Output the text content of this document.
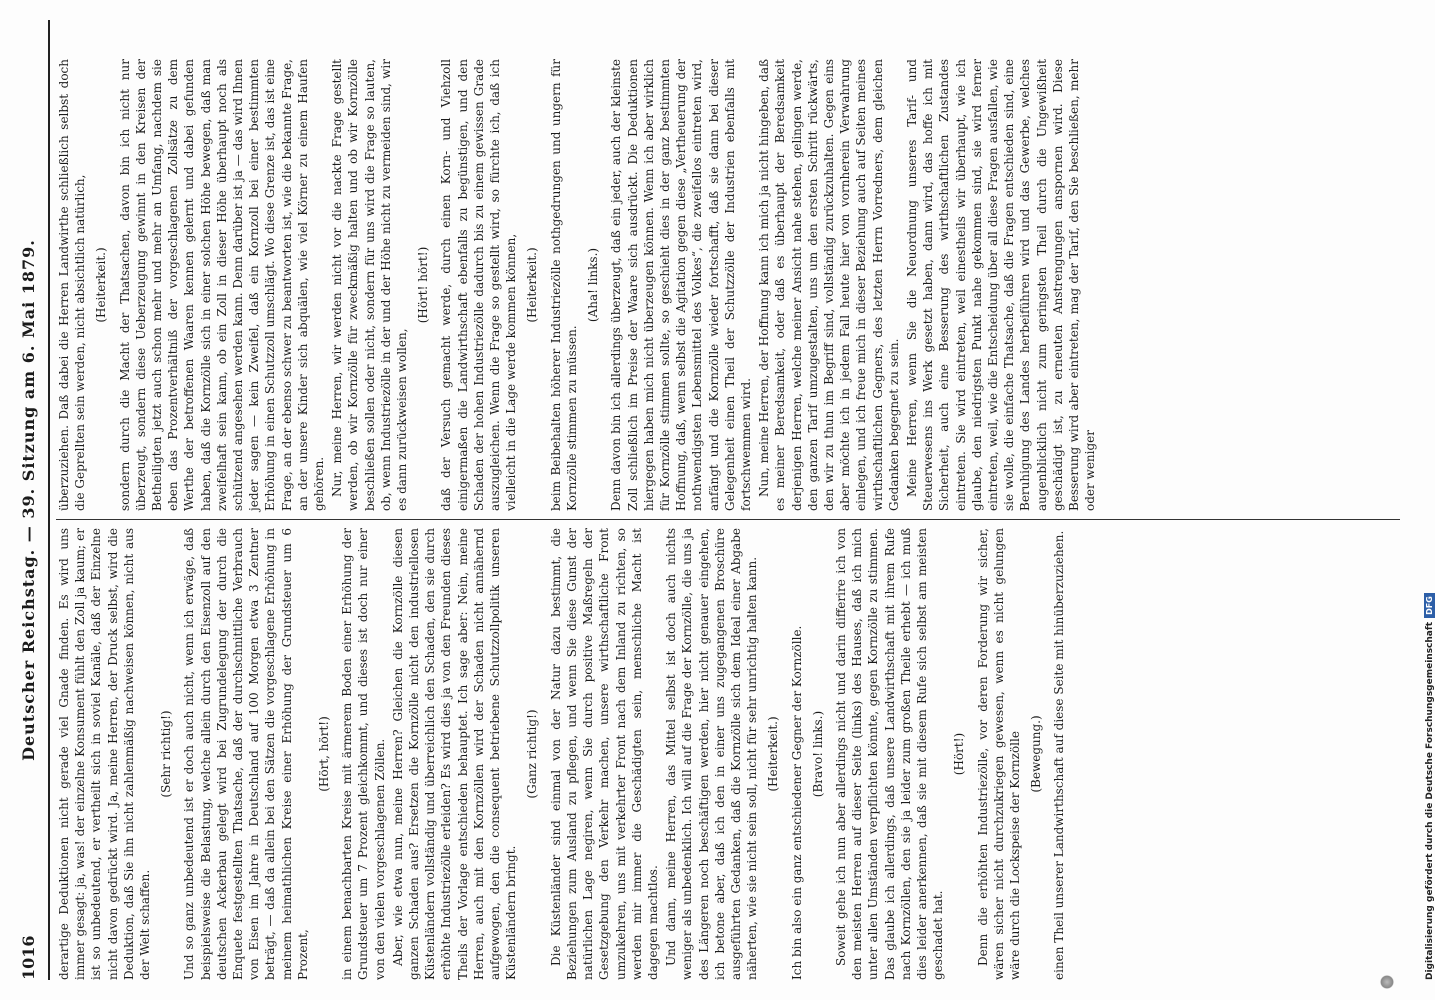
1016
Deutscher Reichstag. — 39. Sitzung am 6. Mai 1879. derartige Deduktionen nicht gerade viel Gnade finden. Es wird uns immer gesagt: ja, was! der einzelne Konsument fühlt den Zoll ja kaum; er ist so unbedeutend, er vertheilt sich in soviel Kanäle, daß der Einzelne nicht davon gedrückt wird. Ja, meine Herren, der Druck selbst, wird die Deduktion, daß Sie ihn nicht zahlenmäßig nachweisen können, nicht aus der Welt schaffen.

(Sehr richtig!) Und so ganz unbedeutend ist er doch auch nicht, wenn ich erwäge, daß beispielsweise die Belastung, welche allein durch den Eisenzoll auf den deutschen Ackerbau gelegt wird bei Zugrundelegung der durch die Enquete festgestellten Thatsache, daß der durchschnittliche Verbrauch von Eisen im Jahre in Deutschland auf 100 Morgen etwa 3 Zentner beträgt, — daß da allein bei den Sätzen die vorgeschlagene Erhöhung in meinem heimathlichen Kreise einer Erhöhung der Grundsteuer um 6 Prozent,

(Hört, hört!) in einem benachbarten Kreise mit ärmerem Boden einer Erhöhung der Grundsteuer um 7 Prozent gleichkommt, und dieses ist doch nur einer von den vielen vorgeschlagenen Zöllen. Aber, wie etwa nun, meine Herren? Gleichen die Kornzölle diesen ganzen Schaden aus? Ersetzen die Kornzölle nicht den industriellosen Küstenländern vollständig und überreichlich den Schaden, den sie durch erhöhte Industriezölle erleiden? Es wird dies ja von den Freunden dieses Theils der Vorlage entschieden behauptet. Ich sage aber: Nein, meine Herren, auch mit den Kornzöllen wird der Schaden nicht annähernd aufgewogen, den die consequent betriebene Schutzzollpolitik unseren Küstenländern bringt.

(Ganz richtig!) Die Küstenländer sind einmal von der Natur dazu bestimmt, die Beziehungen zum Ausland zu pflegen, und wenn Sie diese Gunst der natürlichen Lage negiren, wenn Sie durch positive Maßregeln der Gesetzgebung den Verkehr machen, unsere wirthschaftliche Front umzukehren, uns mit verkehrter Front nach dem Inland zu richten, so werden mir immer die Geschädigten sein, menschliche Macht ist dagegen machtlos. Und dann, meine Herren, das Mittel selbst ist doch auch nichts weniger als unbedenklich. Ich will auf die Frage der Kornzölle, die uns ja des Längeren noch beschäftigen werden, hier nicht genauer eingehen, ich betone aber, daß ich den in einer uns zugegangenen Broschüre ausgeführten Gedanken, daß die Kornzölle sich dem Ideal einer Abgabe näherten, wie sie nicht sein soll, nicht für sehr unrichtig halten kann. (Heiterkeit.) Ich bin also ein ganz entschiedener Gegner der Kornzölle. (Bravo! links.) Soweit gehe ich nun aber allerdings nicht und darin differire ich von den meisten Herren auf dieser Seite (links) des Hauses, daß ich mich unter allen Umständen verpflichten könnte, gegen Kornzölle zu stimmen. Das glaube ich allerdings, daß unsere Landwirthschaft mit ihrem Rufe nach Kornzöllen, den sie ja leider zum großen Theile erhebt — ich muß dies leider anerkennen, daß sie mit diesem Rufe sich selbst am meisten geschadet hat.

(Hört!) Denn die erhöhten Industriezölle, vor deren Forderung wir sicher, wären sicher nicht durchzukriegen gewesen, wenn es nicht gelungen wäre durch die Lockspeise der Kornzölle (Bewegung.) einen Theil unserer Landwirthschaft auf diese Seite mit hinüberzuziehen.

überzuziehen. Daß dabei die Herren Landwirthe schließlich selbst doch die Geprellten sein werden, nicht absichtlich natürlich, (Heiterkeit.) sondern durch die Macht der Thatsachen, davon bin ich nicht nur überzeugt, sondern diese Ueberzeugung gewinnt in den Kreisen der Betheiligten jetzt auch schon mehr und mehr an Umfang, nachdem sie eben das Prozentverhältniß der vorgeschlagenen Zollsätze zu dem Werthe der betroffenen Waaren kennen gelernt und dabei gefunden haben, daß die Kornzölle sich in einer solchen Höhe bewegen, daß man zweifelhaft sein kann, ob ein Zoll in dieser Höhe überhaupt noch als schützend angesehen werden kann. Denn darüber ist ja — das wird Ihnen jeder sagen — kein Zweifel, daß ein Kornzoll bei einer bestimmten Erhöhung in einen Schutzzoll umschlägt. Wo diese Grenze ist, das ist eine Frage, an der ebenso schwer zu beantworten ist, wie die bekannte Frage, an der unsere Kinder sich abquälen, wie viel Körner zu einem Haufen gehören. Nur, meine Herren, wir werden nicht vor die nackte Frage gestellt werden, ob wir Kornzölle für zweckmäßig halten und ob wir Kornzölle beschließen sollen oder nicht, sondern für uns wird die Frage so lauten, ob, wenn Industriezölle in der und der Höhe nicht zu vermeiden sind, wir es dann zurückweisen wollen,

(Hört! hört!) daß der Versuch gemacht werde, durch einen Korn- und Viehzoll einigermaßen die Landwirthschaft ebenfalls zu begünstigen, und den Schaden der hohen Industriezölle dadurch bis zu einem gewissen Grade auszugleichen. Wenn die Frage so gestellt wird, so fürchte ich, daß ich vielleicht in die Lage werde kommen können, (Heiterkeit.) beim Beibehalten höherer Industriezölle nothgedrungen und ungern für Kornzölle stimmen zu müssen.

(Aha! links.) Denn davon bin ich allerdings überzeugt, daß ein jeder, auch der kleinste Zoll schließlich im Preise der Waare sich ausdrückt. Die Deduktionen hiergegen haben mich nicht überzeugen können. Wenn ich aber wirklich für Kornzölle stimmen sollte, so geschieht dies in der ganz bestimmten Hoffnung, daß, wenn selbst die Agitation gegen diese „Vertheuerung der nothwendigsten Lebensmittel des Volkes“, die zweifellos eintreten wird, anfängt und die Kornzölle wieder fortschafft, daß sie dann bei dieser Gelegenheit einen Theil der Schutzzölle der Industrien ebenfalls mit fortschwemmen wird. Nun, meine Herren, der Hoffnung kann ich mich ja nicht hingeben, daß es meiner Beredsamkeit, oder daß es überhaupt der Beredsamkeit derjenigen Herren, welche meiner Ansicht nahe stehen, gelingen werde, den ganzen Tarif umzugestalten, uns um den ersten Schritt rückwärts, den wir zu thun im Begriff sind, vollständig zurückzuhalten. Gegen eins aber möchte ich in jedem Fall heute hier von vornherein Verwahrung einlegen, und ich freue mich in dieser Beziehung auch auf Seiten meines wirthschaftlichen Gegners, des letzten Herrn Vorredners, dem gleichen Gedanken begegnet zu sein. Meine Herren, wenn Sie die Neuordnung unseres Tarif- und Steuerwesens ins Werk gesetzt haben, dann wird, das hoffe ich mit Sicherheit, auch eine Besserung des wirthschaftlichen Zustandes eintreten. Sie wird eintreten, weil einestheils wir überhaupt, wie ich glaube, den niedrigsten Punkt nahe gekommen sind, sie wird ferner eintreten, weil, wie die Entscheidung über all diese Fragen ausfallen, wie sie wolle, die einfache Thatsache, daß die Fragen entschieden sind, eine Beruhigung des Landes herbeiführen wird und das Gewerbe, welches augenblicklich nicht zum geringsten Theil durch die Ungewißheit geschädigt ist, zu erneuten Anstrengungen anspornen wird. Diese Besserung wird aber eintreten, mag der Tarif, den Sie beschließen, mehr oder weniger

Digitalisierung gefördert durch die Deutsche Forschungsgemeinschaft
DFG
